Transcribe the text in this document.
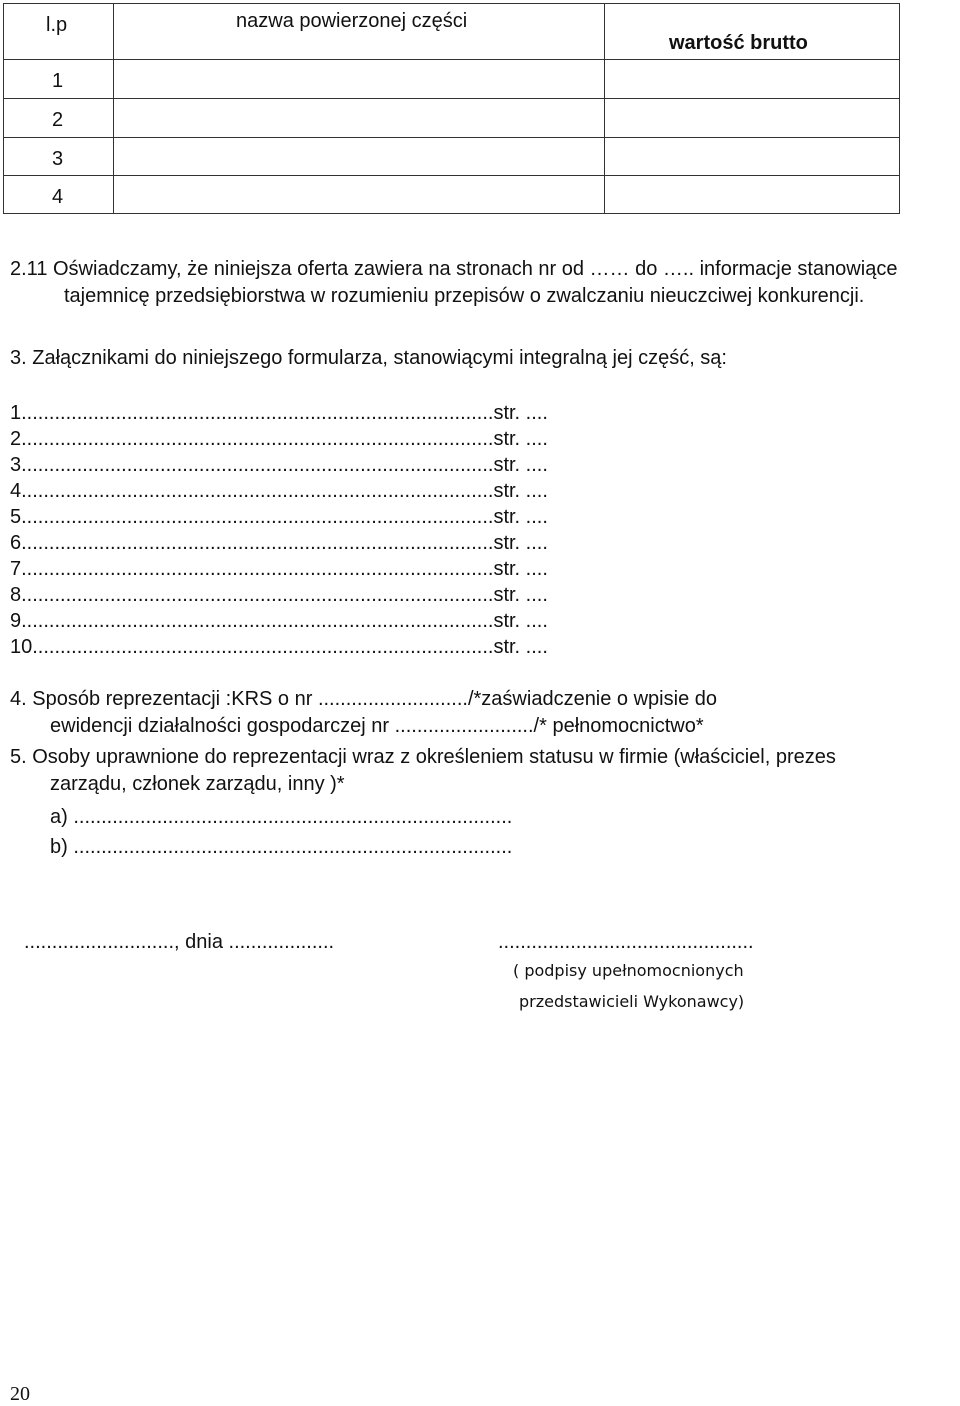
l.p	nazwa powierzonej części
wartość brutto
1
2
3
4
2.11 Oświadczamy, że niniejsza oferta zawiera na stronach nr od …… do ….. informacje stanowiące
tajemnicę przedsiębiorstwa w rozumieniu przepisów o zwalczaniu nieuczciwej konkurencji.
3. Załącznikami do niniejszego formularza, stanowiącymi integralną jej część, są:
1.....................................................................................str. ....
2.....................................................................................str. ....
3.....................................................................................str. ....
4.....................................................................................str. ....
5.....................................................................................str. ....
6.....................................................................................str. ....
7.....................................................................................str. ....
8.....................................................................................str. ....
9.....................................................................................str. ....
10...................................................................................str. ....
4. Sposób reprezentacji :KRS o nr .........................../*zaświadczenie o wpisie do
ewidencji działalności gospodarczej nr ........................./* pełnomocnictwo*
5. Osoby uprawnione do reprezentacji wraz z określeniem statusu w firmie (właściciel, prezes
zarządu, członek zarządu, inny )*
a) ...............................................................................
b) ...............................................................................
..........................., dnia ...................	..............................................
( podpisy upełnomocnionych
przedstawicieli Wykonawcy)
20
